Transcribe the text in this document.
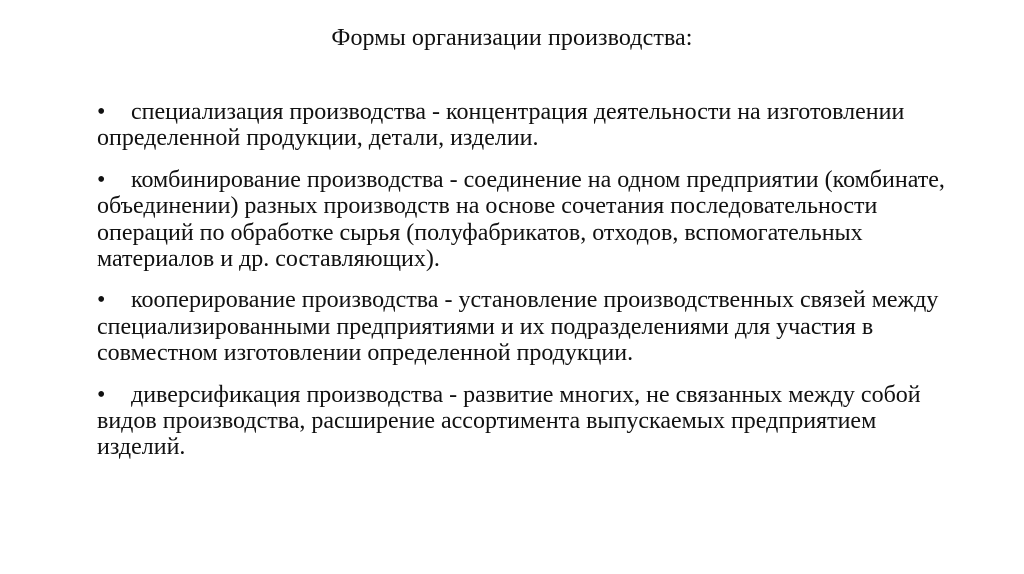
Формы организации производства:
• специализация производства - концентрация деятельности на изготовлении определенной продукции, детали, изделии.
• комбинирование производства - соединение на одном предприятии (комбинате, объединении) разных производств на основе сочетания последовательности операций по обработке сырья (полуфабрикатов, отходов, вспомогательных материалов и др. составляющих).
• кооперирование производства - установление производственных связей между специализированными предприятиями и их подразделениями для участия в совместном изготовлении определенной продукции.
• диверсификация производства - развитие многих, не связанных между собой видов производства, расширение ассортимента выпускаемых предприятием изделий.
